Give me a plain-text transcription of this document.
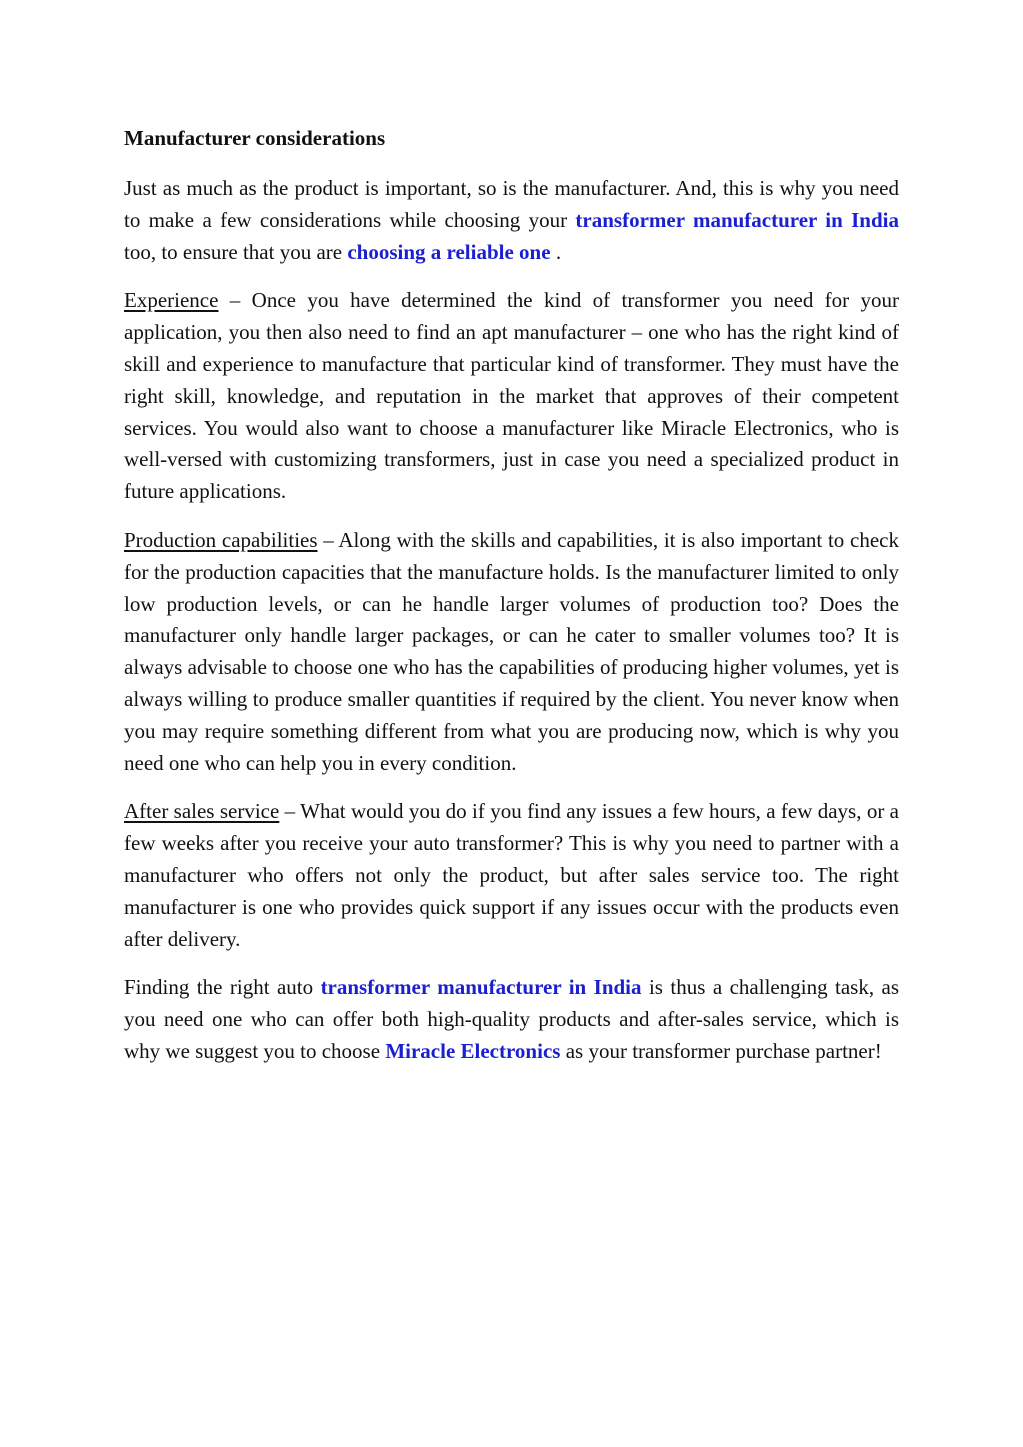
Manufacturer considerations

Just as much as the product is important, so is the manufacturer. And, this is why you need to make a few considerations while choosing your transformer manufacturer in India too, to ensure that you are choosing a reliable one .

Experience – Once you have determined the kind of transformer you need for your application, you then also need to find an apt manufacturer – one who has the right kind of skill and experience to manufacture that particular kind of transformer. They must have the right skill, knowledge, and reputation in the market that approves of their competent services. You would also want to choose a manufacturer like Miracle Electronics, who is well-versed with customizing transformers, just in case you need a specialized product in future applications.

Production capabilities – Along with the skills and capabilities, it is also important to check for the production capacities that the manufacture holds. Is the manufacturer limited to only low production levels, or can he handle larger volumes of production too? Does the manufacturer only handle larger packages, or can he cater to smaller volumes too? It is always advisable to choose one who has the capabilities of producing higher volumes, yet is always willing to produce smaller quantities if required by the client. You never know when you may require something different from what you are producing now, which is why you need one who can help you in every condition.

After sales service – What would you do if you find any issues a few hours, a few days, or a few weeks after you receive your auto transformer? This is why you need to partner with a manufacturer who offers not only the product, but after sales service too. The right manufacturer is one who provides quick support if any issues occur with the products even after delivery.

Finding the right auto transformer manufacturer in India is thus a challenging task, as you need one who can offer both high-quality products and after-sales service, which is why we suggest you to choose Miracle Electronics as your transformer purchase partner!
